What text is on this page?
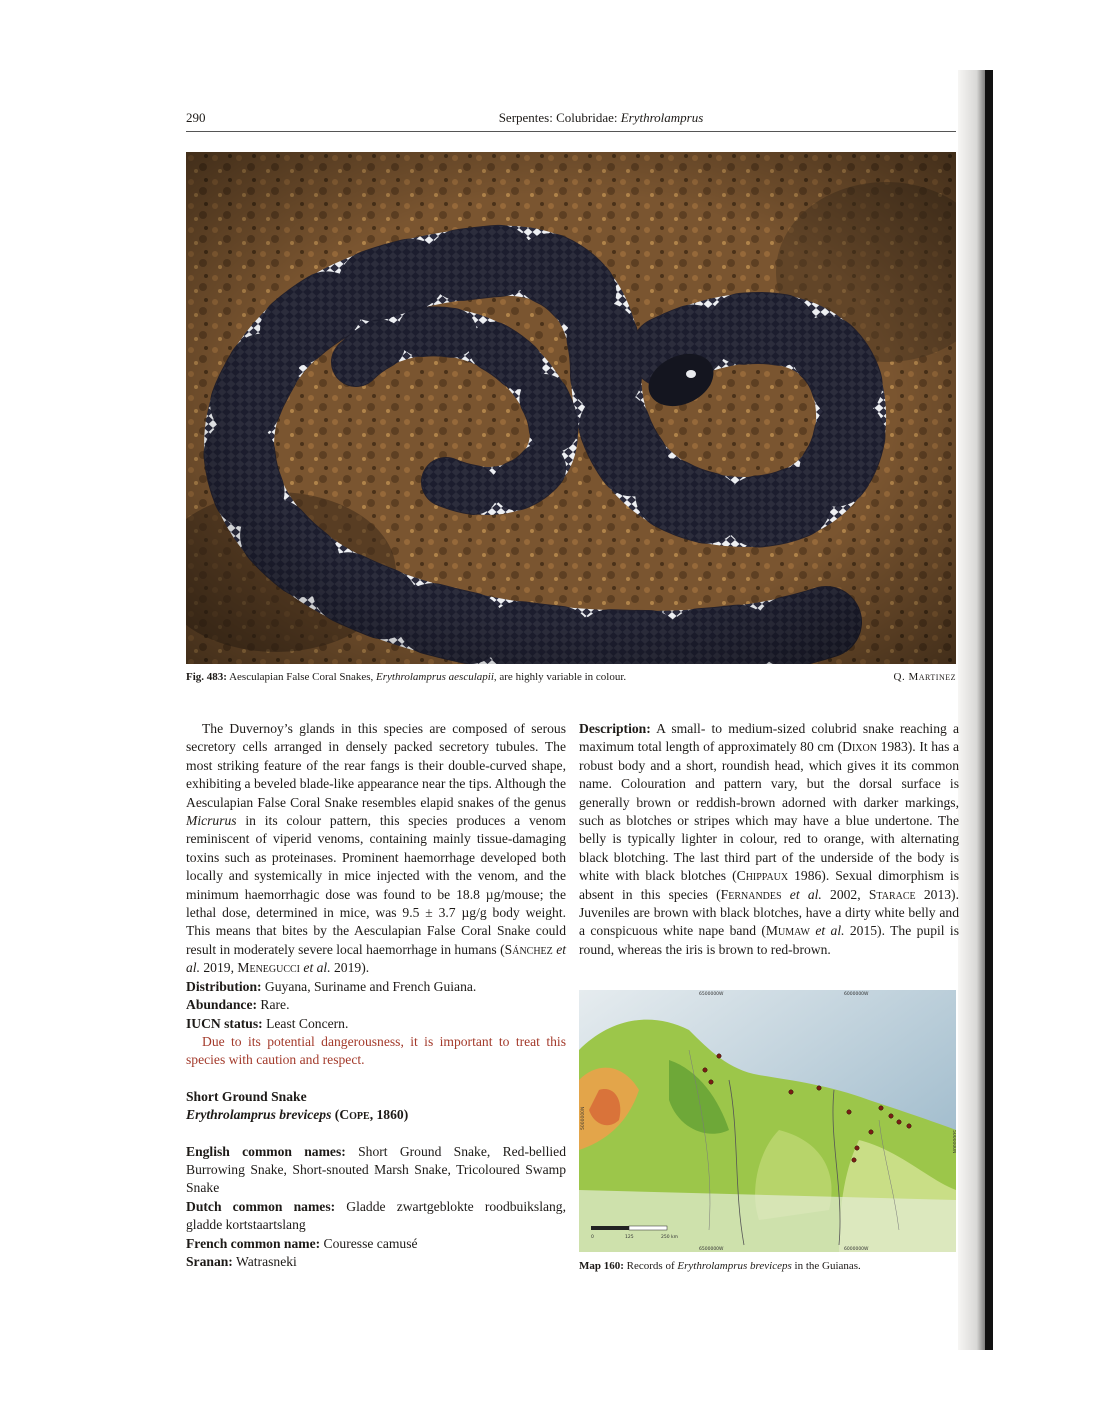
290	Serpentes: Colubridae: Erythrolamprus
Fig. 483: Aesculapian False Coral Snakes, Erythrolamprus aesculapii, are highly variable in colour.	Q. Martinez

The Duvernoy’s glands in this species are composed of serous secretory cells arranged in densely packed secretory tubules. The most striking feature of the rear fangs is their double-curved shape, exhibiting a beveled blade-like appearance near the tips. Although the Aesculapian False Coral Snake resembles elapid snakes of the genus Micrurus in its colour pattern, this species produces a venom reminiscent of viperid venoms, containing mainly tissue-damaging toxins such as proteinases. Prominent haemorrhage developed both locally and systemically in mice injected with the venom, and the minimum haemorrhagic dose was found to be 18.8 µg/mouse; the lethal dose, determined in mice, was 9.5 ± 3.7 µg/g body weight. This means that bites by the Aesculapian False Coral Snake could result in moderately severe local haemorrhage in humans (Sánchez et al. 2019, Menegucci et al. 2019).

Distribution: Guyana, Suriname and French Guiana.

Abundance: Rare.

IUCN status: Least Concern.

Due to its potential dangerousness, it is important to treat this species with caution and respect.

Short Ground Snake

Erythrolamprus breviceps (Cope, 1860)

English common names: Short Ground Snake, Red-bellied Burrowing Snake, Short-snouted Marsh Snake, Tricoloured Swamp Snake

Dutch common names: Gladde zwartgeblokte roodbuikslang, gladde kortstaartslang

French common name: Couresse camusé

Sranan: Watrasneki

Description: A small- to medium-sized colubrid snake reaching a maximum total length of approximately 80 cm (Dixon 1983). It has a robust body and a short, roundish head, which gives it its common name. Colouration and pattern vary, but the dorsal surface is generally brown or reddish-brown adorned with darker markings, such as blotches or stripes which may have a blue undertone. The belly is typically lighter in colour, red to orange, with alternating black blotching. The last third part of the underside of the body is white with black blotches (Chippaux 1986). Sexual dimorphism is absent in this species (Fernandes et al. 2002, Starace 2013). Juveniles are brown with black blotches, have a dirty white belly and a conspicuous white nape band (Mumaw et al. 2015). The pupil is round, whereas the iris is brown to red-brown.

6500000W	6000000W
6500000W	6000000W
5000000N
5000000N
0	125	250 km
Map 160: Records of Erythrolamprus breviceps in the Guianas.
